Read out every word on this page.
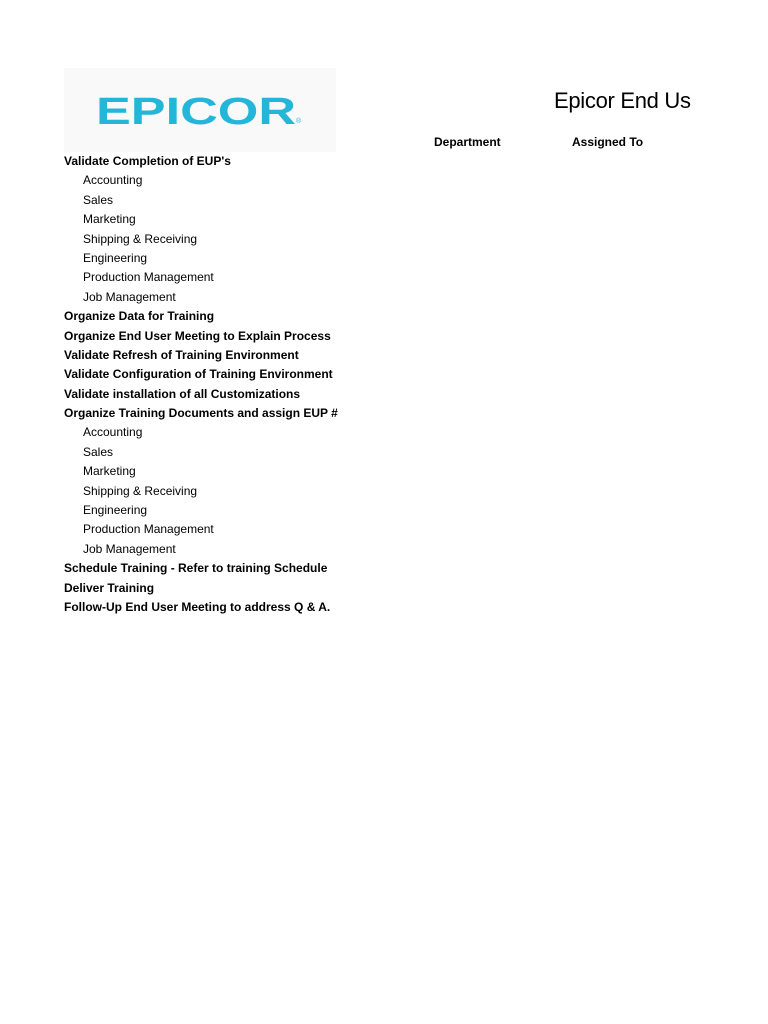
EPICOR ®
Epicor End Us
Department	Assigned To
Validate Completion of EUP's
Accounting
Sales
Marketing
Shipping & Receiving
Engineering
Production Management
Job Management
Organize Data for Training
Organize End User Meeting to Explain Process
Validate Refresh of Training Environment
Validate Configuration of Training Environment
Validate installation of all Customizations
Organize Training Documents and assign EUP #
Accounting
Sales
Marketing
Shipping & Receiving
Engineering
Production Management
Job Management
Schedule Training - Refer to training Schedule
Deliver Training
Follow-Up End User Meeting to address Q & A.
